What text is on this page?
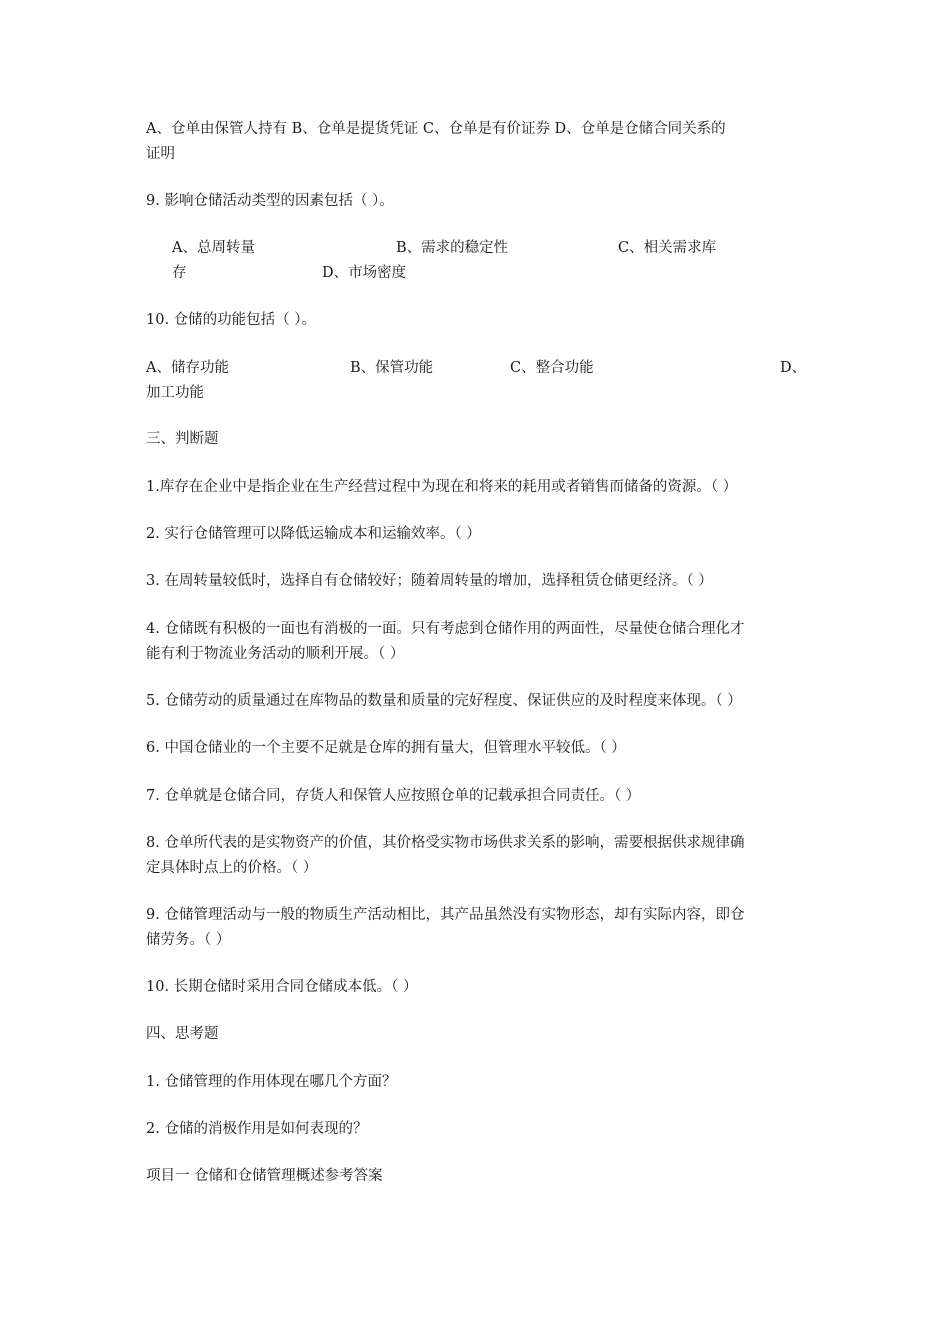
A、仓单由保管人持有 B、仓单是提货凭证 C、仓单是有价证券 D、仓单是仓储合同关系的
证明
9. 影响仓储活动类型的因素包括（ ）。
A、总周转量	B、需求的稳定性	C、相关需求库
存	D、市场密度
10. 仓储的功能包括（ ）。
A、储存功能	B、保管功能	C、整合功能	D、
加工功能
三、判断题
1.库存在企业中是指企业在生产经营过程中为现在和将来的耗用或者销售而储备的资源。（ ）
2. 实行仓储管理可以降低运输成本和运输效率。（ ）
3. 在周转量较低时，选择自有仓储较好；随着周转量的增加，选择租赁仓储更经济。（ ）
4. 仓储既有积极的一面也有消极的一面。只有考虑到仓储作用的两面性，尽量使仓储合理化才
能有利于物流业务活动的顺利开展。（ ）
5. 仓储劳动的质量通过在库物品的数量和质量的完好程度、保证供应的及时程度来体现。（ ）
6. 中国仓储业的一个主要不足就是仓库的拥有量大，但管理水平较低。（ ）
7. 仓单就是仓储合同，存货人和保管人应按照仓单的记载承担合同责任。（ ）
8. 仓单所代表的是实物资产的价值，其价格受实物市场供求关系的影响，需要根据供求规律确
定具体时点上的价格。（ ）
9. 仓储管理活动与一般的物质生产活动相比，其产品虽然没有实物形态，却有实际内容，即仓
储劳务。（ ）
10. 长期仓储时采用合同仓储成本低。（ ）
四、思考题
1. 仓储管理的作用体现在哪几个方面？
2. 仓储的消极作用是如何表现的？
项目一 仓储和仓储管理概述参考答案
